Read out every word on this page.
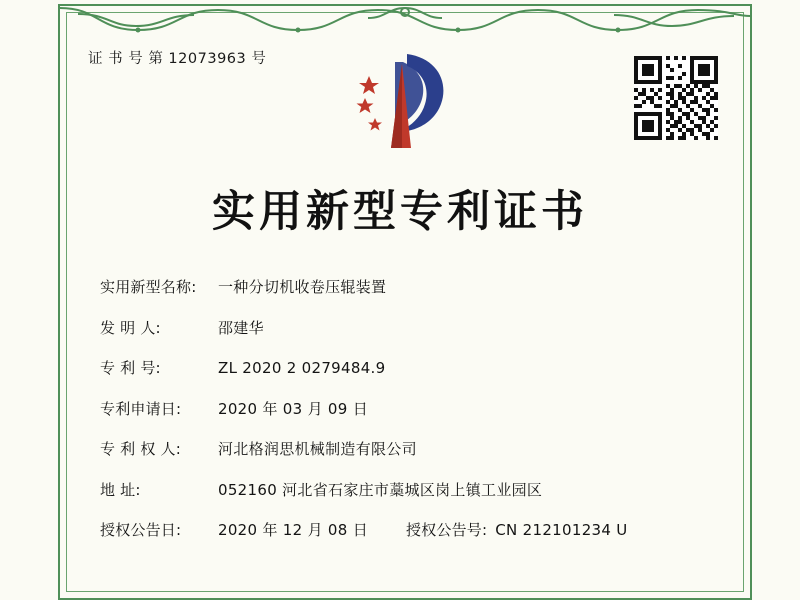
证 书 号 第 12073963 号
实用新型专利证书
实用新型名称:	一种分切机收卷压辊装置
发 明 人:	邵建华
专 利 号:	ZL 2020 2 0279484.9
专利申请日:	2020 年 03 月 09 日
专 利 权 人:	河北格润思机械制造有限公司
地 址:	052160 河北省石家庄市藁城区岗上镇工业园区
授权公告日:	2020 年 12 月 08 日	授权公告号: CN 212101234 U
